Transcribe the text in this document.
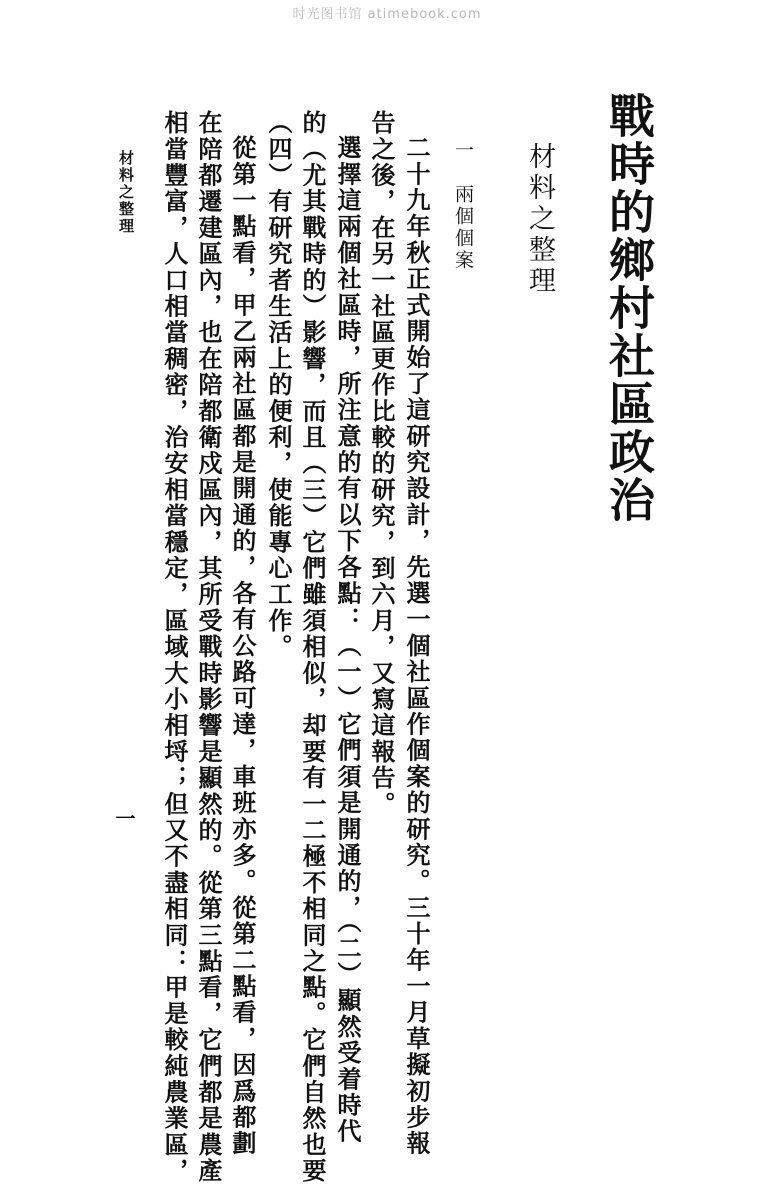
时光图书馆 atimebook.com
戰時的鄉村社區政治
材料之整理
一　兩個個案
二十九年秋正式開始了這研究設計，先選一個社區作個案的研究。三十年一月草擬初步報
告之後，在另一社區更作比較的研究，到六月，又寫這報告。
選擇這兩個社區時，所注意的有以下各點：（一）它們須是開通的，（二）顯然受着時代
的（尤其戰時的）影響，而且（三）它們雖須相似，却要有一二極不相同之點。它們自然也要
（四）有研究者生活上的便利，使能專心工作。
從第一點看，甲乙兩社區都是開通的，各有公路可達，車班亦多。從第二點看，因爲都劃
在陪都遷建區內，也在陪都衛戍區內，其所受戰時影響是顯然的。從第三點看，它們都是農產
相當豐富，人口相當稠密，治安相當穩定，區域大小相埒；但又不盡相同：甲是較純農業區，
材料之整理
一
